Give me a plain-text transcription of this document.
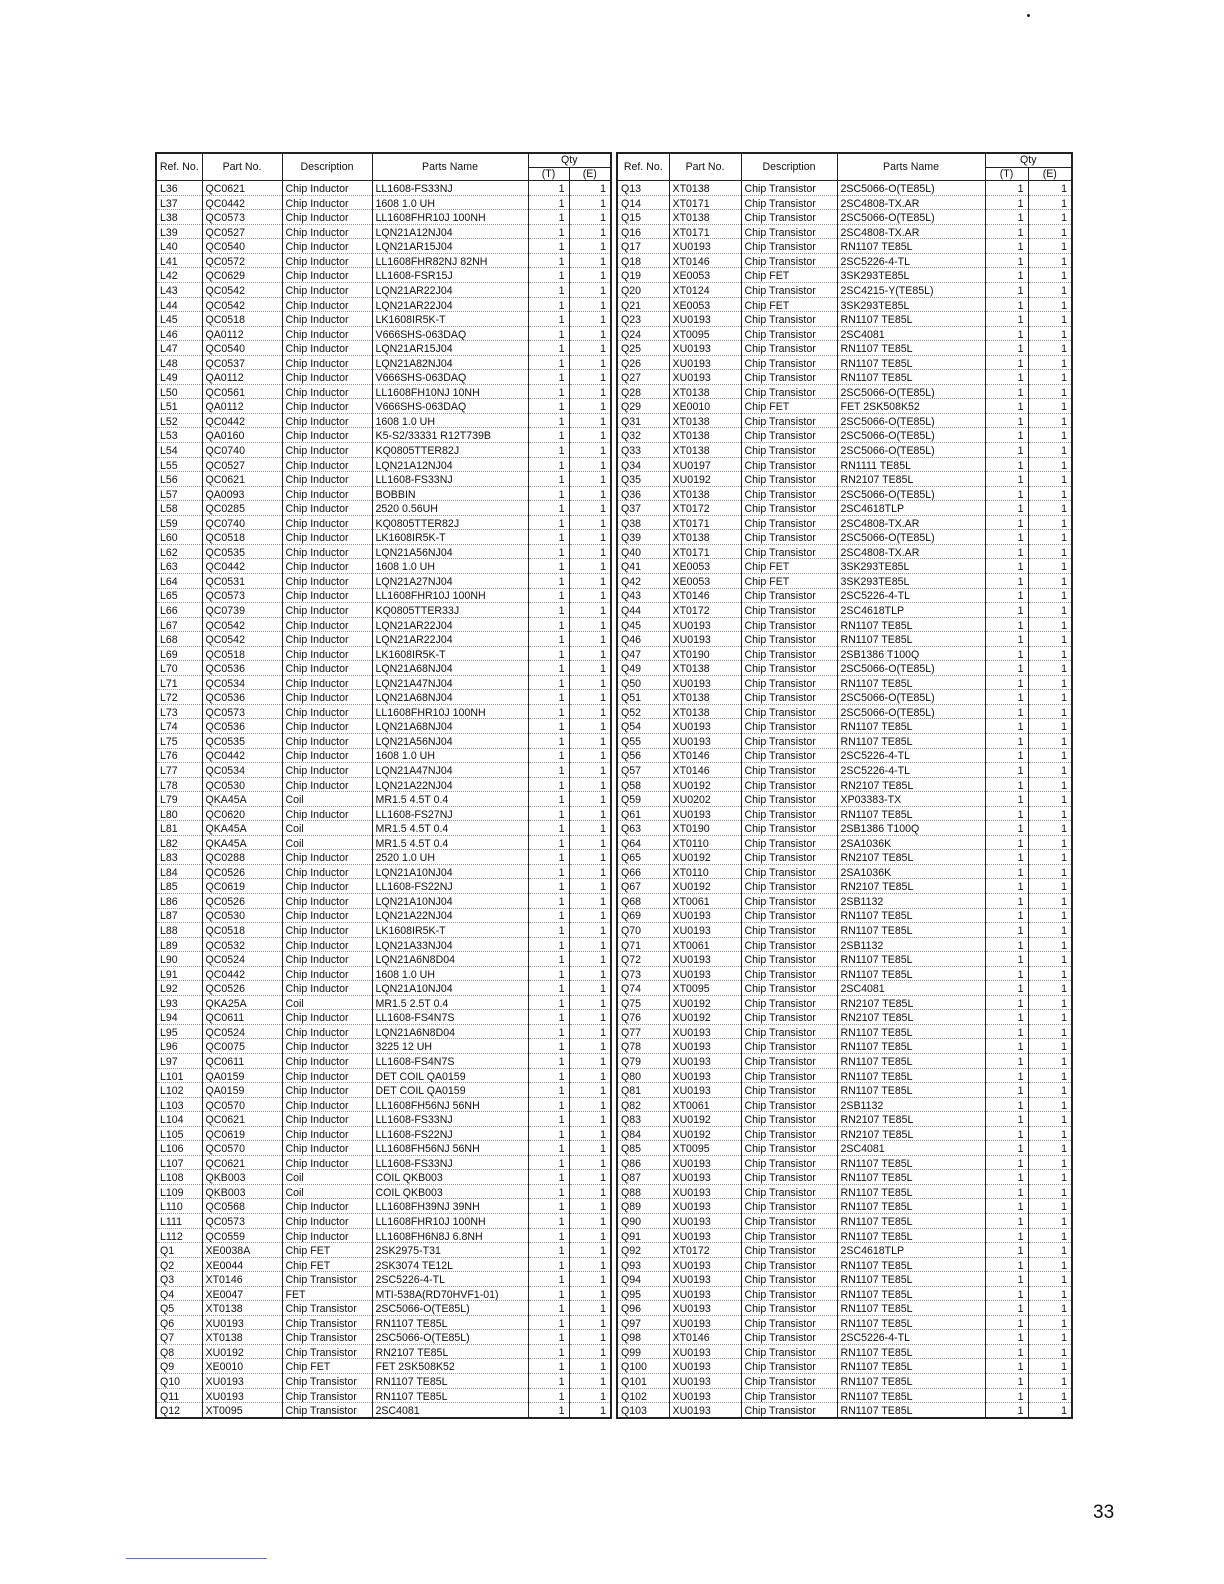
Ref. No.	Part No.	Description	Parts Name	Qty	
				(T)	(E)
L36	QC0621	Chip Inductor	LL1608-FS33NJ	1	1
L37	QC0442	Chip Inductor	1608 1.0 UH	1	1
L38	QC0573	Chip Inductor	LL1608FHR10J 100NH	1	1
L39	QC0527	Chip Inductor	LQN21A12NJ04	1	1
L40	QC0540	Chip Inductor	LQN21AR15J04	1	1
L41	QC0572	Chip Inductor	LL1608FHR82NJ 82NH	1	1
L42	QC0629	Chip Inductor	LL1608-FSR15J	1	1
L43	QC0542	Chip Inductor	LQN21AR22J04	1	1
L44	QC0542	Chip Inductor	LQN21AR22J04	1	1
L45	QC0518	Chip Inductor	LK1608IR5K-T	1	1
L46	QA0112	Chip Inductor	V666SHS-063DAQ	1	1
L47	QC0540	Chip Inductor	LQN21AR15J04	1	1
L48	QC0537	Chip Inductor	LQN21A82NJ04	1	1
L49	QA0112	Chip Inductor	V666SHS-063DAQ	1	1
L50	QC0561	Chip Inductor	LL1608FH10NJ 10NH	1	1
L51	QA0112	Chip Inductor	V666SHS-063DAQ	1	1
L52	QC0442	Chip Inductor	1608 1.0 UH	1	1
L53	QA0160	Chip Inductor	K5-S2/33331 R12T739B	1	1
L54	QC0740	Chip Inductor	KQ0805TTER82J	1	1
L55	QC0527	Chip Inductor	LQN21A12NJ04	1	1
L56	QC0621	Chip Inductor	LL1608-FS33NJ	1	1
L57	QA0093	Chip Inductor	BOBBIN	1	1
L58	QC0285	Chip Inductor	2520 0.56UH	1	1
L59	QC0740	Chip Inductor	KQ0805TTER82J	1	1
L60	QC0518	Chip Inductor	LK1608IR5K-T	1	1
L62	QC0535	Chip Inductor	LQN21A56NJ04	1	1
L63	QC0442	Chip Inductor	1608 1.0 UH	1	1
L64	QC0531	Chip Inductor	LQN21A27NJ04	1	1
L65	QC0573	Chip Inductor	LL1608FHR10J 100NH	1	1
L66	QC0739	Chip Inductor	KQ0805TTER33J	1	1
L67	QC0542	Chip Inductor	LQN21AR22J04	1	1
L68	QC0542	Chip Inductor	LQN21AR22J04	1	1
L69	QC0518	Chip Inductor	LK1608IR5K-T	1	1
L70	QC0536	Chip Inductor	LQN21A68NJ04	1	1
L71	QC0534	Chip Inductor	LQN21A47NJ04	1	1
L72	QC0536	Chip Inductor	LQN21A68NJ04	1	1
L73	QC0573	Chip Inductor	LL1608FHR10J 100NH	1	1
L74	QC0536	Chip Inductor	LQN21A68NJ04	1	1
L75	QC0535	Chip Inductor	LQN21A56NJ04	1	1
L76	QC0442	Chip Inductor	1608 1.0 UH	1	1
L77	QC0534	Chip Inductor	LQN21A47NJ04	1	1
L78	QC0530	Chip Inductor	LQN21A22NJ04	1	1
L79	QKA45A	Coil	MR1.5 4.5T 0.4	1	1
L80	QC0620	Chip Inductor	LL1608-FS27NJ	1	1
L81	QKA45A	Coil	MR1.5 4.5T 0.4	1	1
L82	QKA45A	Coil	MR1.5 4.5T 0.4	1	1
L83	QC0288	Chip Inductor	2520 1.0 UH	1	1
L84	QC0526	Chip Inductor	LQN21A10NJ04	1	1
L85	QC0619	Chip Inductor	LL1608-FS22NJ	1	1
L86	QC0526	Chip Inductor	LQN21A10NJ04	1	1
L87	QC0530	Chip Inductor	LQN21A22NJ04	1	1
L88	QC0518	Chip Inductor	LK1608IR5K-T	1	1
L89	QC0532	Chip Inductor	LQN21A33NJ04	1	1
L90	QC0524	Chip Inductor	LQN21A6N8D04	1	1
L91	QC0442	Chip Inductor	1608 1.0 UH	1	1
L92	QC0526	Chip Inductor	LQN21A10NJ04	1	1
L93	QKA25A	Coil	MR1.5 2.5T 0.4	1	1
L94	QC0611	Chip Inductor	LL1608-FS4N7S	1	1
L95	QC0524	Chip Inductor	LQN21A6N8D04	1	1
L96	QC0075	Chip Inductor	3225 12 UH	1	1
L97	QC0611	Chip Inductor	LL1608-FS4N7S	1	1
L101	QA0159	Chip Inductor	DET COIL QA0159	1	1
L102	QA0159	Chip Inductor	DET COIL QA0159	1	1
L103	QC0570	Chip Inductor	LL1608FH56NJ 56NH	1	1
L104	QC0621	Chip Inductor	LL1608-FS33NJ	1	1
L105	QC0619	Chip Inductor	LL1608-FS22NJ	1	1
L106	QC0570	Chip Inductor	LL1608FH56NJ 56NH	1	1
L107	QC0621	Chip Inductor	LL1608-FS33NJ	1	1
L108	QKB003	Coil	COIL QKB003	1	1
L109	QKB003	Coil	COIL QKB003	1	1
L110	QC0568	Chip Inductor	LL1608FH39NJ 39NH	1	1
L111	QC0573	Chip Inductor	LL1608FHR10J 100NH	1	1
L112	QC0559	Chip Inductor	LL1608FH6N8J 6.8NH	1	1
Q1	XE0038A	Chip FET	2SK2975-T31	1	1
Q2	XE0044	Chip FET	2SK3074 TE12L	1	1
Q3	XT0146	Chip Transistor	2SC5226-4-TL	1	1
Q4	XE0047	FET	MTI-538A(RD70HVF1-01)	1	1
Q5	XT0138	Chip Transistor	2SC5066-O(TE85L)	1	1
Q6	XU0193	Chip Transistor	RN1107 TE85L	1	1
Q7	XT0138	Chip Transistor	2SC5066-O(TE85L)	1	1
Q8	XU0192	Chip Transistor	RN2107 TE85L	1	1
Q9	XE0010	Chip FET	FET 2SK508K52	1	1
Q10	XU0193	Chip Transistor	RN1107 TE85L	1	1
Q11	XU0193	Chip Transistor	RN1107 TE85L	1	1
Q12	XT0095	Chip Transistor	2SC4081	1	1
Ref. No.	Part No.	Description	Parts Name	Qty	
				(T)	(E)
Q13	XT0138	Chip Transistor	2SC5066-O(TE85L)	1	1
Q14	XT0171	Chip Transistor	2SC4808-TX.AR	1	1
Q15	XT0138	Chip Transistor	2SC5066-O(TE85L)	1	1
Q16	XT0171	Chip Transistor	2SC4808-TX.AR	1	1
Q17	XU0193	Chip Transistor	RN1107 TE85L	1	1
Q18	XT0146	Chip Transistor	2SC5226-4-TL	1	1
Q19	XE0053	Chip FET	3SK293TE85L	1	1
Q20	XT0124	Chip Transistor	2SC4215-Y(TE85L)	1	1
Q21	XE0053	Chip FET	3SK293TE85L	1	1
Q23	XU0193	Chip Transistor	RN1107 TE85L	1	1
Q24	XT0095	Chip Transistor	2SC4081	1	1
Q25	XU0193	Chip Transistor	RN1107 TE85L	1	1
Q26	XU0193	Chip Transistor	RN1107 TE85L	1	1
Q27	XU0193	Chip Transistor	RN1107 TE85L	1	1
Q28	XT0138	Chip Transistor	2SC5066-O(TE85L)	1	1
Q29	XE0010	Chip FET	FET 2SK508K52	1	1
Q31	XT0138	Chip Transistor	2SC5066-O(TE85L)	1	1
Q32	XT0138	Chip Transistor	2SC5066-O(TE85L)	1	1
Q33	XT0138	Chip Transistor	2SC5066-O(TE85L)	1	1
Q34	XU0197	Chip Transistor	RN1111 TE85L	1	1
Q35	XU0192	Chip Transistor	RN2107 TE85L	1	1
Q36	XT0138	Chip Transistor	2SC5066-O(TE85L)	1	1
Q37	XT0172	Chip Transistor	2SC4618TLP	1	1
Q38	XT0171	Chip Transistor	2SC4808-TX.AR	1	1
Q39	XT0138	Chip Transistor	2SC5066-O(TE85L)	1	1
Q40	XT0171	Chip Transistor	2SC4808-TX.AR	1	1
Q41	XE0053	Chip FET	3SK293TE85L	1	1
Q42	XE0053	Chip FET	3SK293TE85L	1	1
Q43	XT0146	Chip Transistor	2SC5226-4-TL	1	1
Q44	XT0172	Chip Transistor	2SC4618TLP	1	1
Q45	XU0193	Chip Transistor	RN1107 TE85L	1	1
Q46	XU0193	Chip Transistor	RN1107 TE85L	1	1
Q47	XT0190	Chip Transistor	2SB1386 T100Q	1	1
Q49	XT0138	Chip Transistor	2SC5066-O(TE85L)	1	1
Q50	XU0193	Chip Transistor	RN1107 TE85L	1	1
Q51	XT0138	Chip Transistor	2SC5066-O(TE85L)	1	1
Q52	XT0138	Chip Transistor	2SC5066-O(TE85L)	1	1
Q54	XU0193	Chip Transistor	RN1107 TE85L	1	1
Q55	XU0193	Chip Transistor	RN1107 TE85L	1	1
Q56	XT0146	Chip Transistor	2SC5226-4-TL	1	1
Q57	XT0146	Chip Transistor	2SC5226-4-TL	1	1
Q58	XU0192	Chip Transistor	RN2107 TE85L	1	1
Q59	XU0202	Chip Transistor	XP03383-TX	1	1
Q61	XU0193	Chip Transistor	RN1107 TE85L	1	1
Q63	XT0190	Chip Transistor	2SB1386 T100Q	1	1
Q64	XT0110	Chip Transistor	2SA1036K	1	1
Q65	XU0192	Chip Transistor	RN2107 TE85L	1	1
Q66	XT0110	Chip Transistor	2SA1036K	1	1
Q67	XU0192	Chip Transistor	RN2107 TE85L	1	1
Q68	XT0061	Chip Transistor	2SB1132	1	1
Q69	XU0193	Chip Transistor	RN1107 TE85L	1	1
Q70	XU0193	Chip Transistor	RN1107 TE85L	1	1
Q71	XT0061	Chip Transistor	2SB1132	1	1
Q72	XU0193	Chip Transistor	RN1107 TE85L	1	1
Q73	XU0193	Chip Transistor	RN1107 TE85L	1	1
Q74	XT0095	Chip Transistor	2SC4081	1	1
Q75	XU0192	Chip Transistor	RN2107 TE85L	1	1
Q76	XU0192	Chip Transistor	RN2107 TE85L	1	1
Q77	XU0193	Chip Transistor	RN1107 TE85L	1	1
Q78	XU0193	Chip Transistor	RN1107 TE85L	1	1
Q79	XU0193	Chip Transistor	RN1107 TE85L	1	1
Q80	XU0193	Chip Transistor	RN1107 TE85L	1	1
Q81	XU0193	Chip Transistor	RN1107 TE85L	1	1
Q82	XT0061	Chip Transistor	2SB1132	1	1
Q83	XU0192	Chip Transistor	RN2107 TE85L	1	1
Q84	XU0192	Chip Transistor	RN2107 TE85L	1	1
Q85	XT0095	Chip Transistor	2SC4081	1	1
Q86	XU0193	Chip Transistor	RN1107 TE85L	1	1
Q87	XU0193	Chip Transistor	RN1107 TE85L	1	1
Q88	XU0193	Chip Transistor	RN1107 TE85L	1	1
Q89	XU0193	Chip Transistor	RN1107 TE85L	1	1
Q90	XU0193	Chip Transistor	RN1107 TE85L	1	1
Q91	XU0193	Chip Transistor	RN1107 TE85L	1	1
Q92	XT0172	Chip Transistor	2SC4618TLP	1	1
Q93	XU0193	Chip Transistor	RN1107 TE85L	1	1
Q94	XU0193	Chip Transistor	RN1107 TE85L	1	1
Q95	XU0193	Chip Transistor	RN1107 TE85L	1	1
Q96	XU0193	Chip Transistor	RN1107 TE85L	1	1
Q97	XU0193	Chip Transistor	RN1107 TE85L	1	1
Q98	XT0146	Chip Transistor	2SC5226-4-TL	1	1
Q99	XU0193	Chip Transistor	RN1107 TE85L	1	1
Q100	XU0193	Chip Transistor	RN1107 TE85L	1	1
Q101	XU0193	Chip Transistor	RN1107 TE85L	1	1
Q102	XU0193	Chip Transistor	RN1107 TE85L	1	1
Q103	XU0193	Chip Transistor	RN1107 TE85L	1	1
33
